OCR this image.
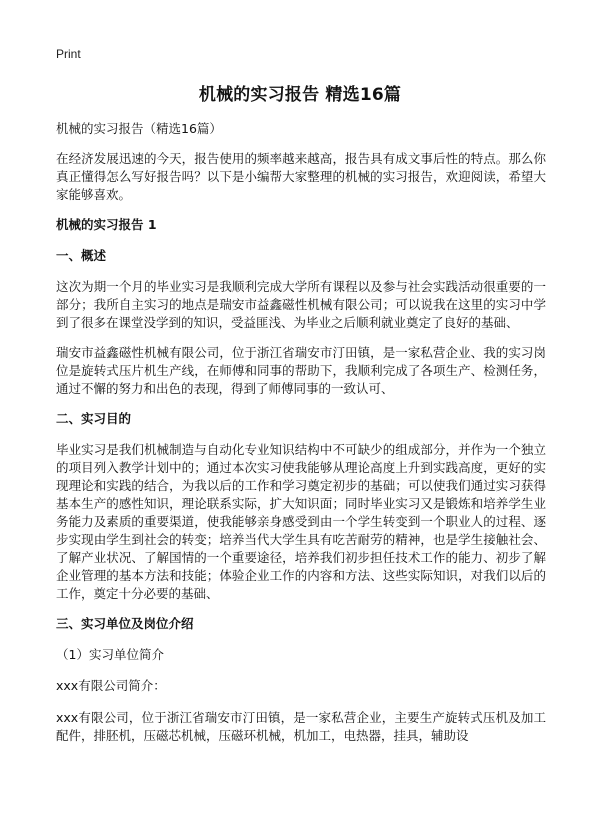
Print
机械的实习报告 精选16篇
机械的实习报告（精选16篇）

在经济发展迅速的今天，报告使用的频率越来越高，报告具有成文事后性的特点。那么你真正懂得怎么写好报告吗？以下是小编帮大家整理的机械的实习报告，欢迎阅读，希望大家能够喜欢。

机械的实习报告 1
一、概述

这次为期一个月的毕业实习是我顺利完成大学所有课程以及参与社会实践活动很重要的一部分；我所自主实习的地点是瑞安市益鑫磁性机械有限公司；可以说我在这里的实习中学到了很多在课堂没学到的知识，受益匪浅、为毕业之后顺利就业奠定了良好的基础、

瑞安市益鑫磁性机械有限公司，位于浙江省瑞安市汀田镇，是一家私营企业、我的实习岗位是旋转式压片机生产线，在师傅和同事的帮助下，我顺利完成了各项生产、检测任务，通过不懈的努力和出色的表现，得到了师傅同事的一致认可、

二、实习目的

毕业实习是我们机械制造与自动化专业知识结构中不可缺少的组成部分，并作为一个独立的项目列入教学计划中的；通过本次实习使我能够从理论高度上升到实践高度，更好的实现理论和实践的结合，为我以后的工作和学习奠定初步的基础；可以使我们通过实习获得基本生产的感性知识，理论联系实际，扩大知识面；同时毕业实习又是锻炼和培养学生业务能力及素质的重要渠道，使我能够亲身感受到由一个学生转变到一个职业人的过程、逐步实现由学生到社会的转变；培养当代大学生具有吃苦耐劳的精神，也是学生接触社会、了解产业状况、了解国情的一个重要途径，培养我们初步担任技术工作的能力、初步了解企业管理的基本方法和技能；体验企业工作的内容和方法、这些实际知识，对我们以后的工作，奠定十分必要的基础、

三、实习单位及岗位介绍
（1）实习单位简介
xxx有限公司简介：

xxx有限公司，位于浙江省瑞安市汀田镇，是一家私营企业，主要生产旋转式压机及加工配件，排胚机，压磁芯机械，压磁环机械，机加工，电热器，挂具，辅助设
